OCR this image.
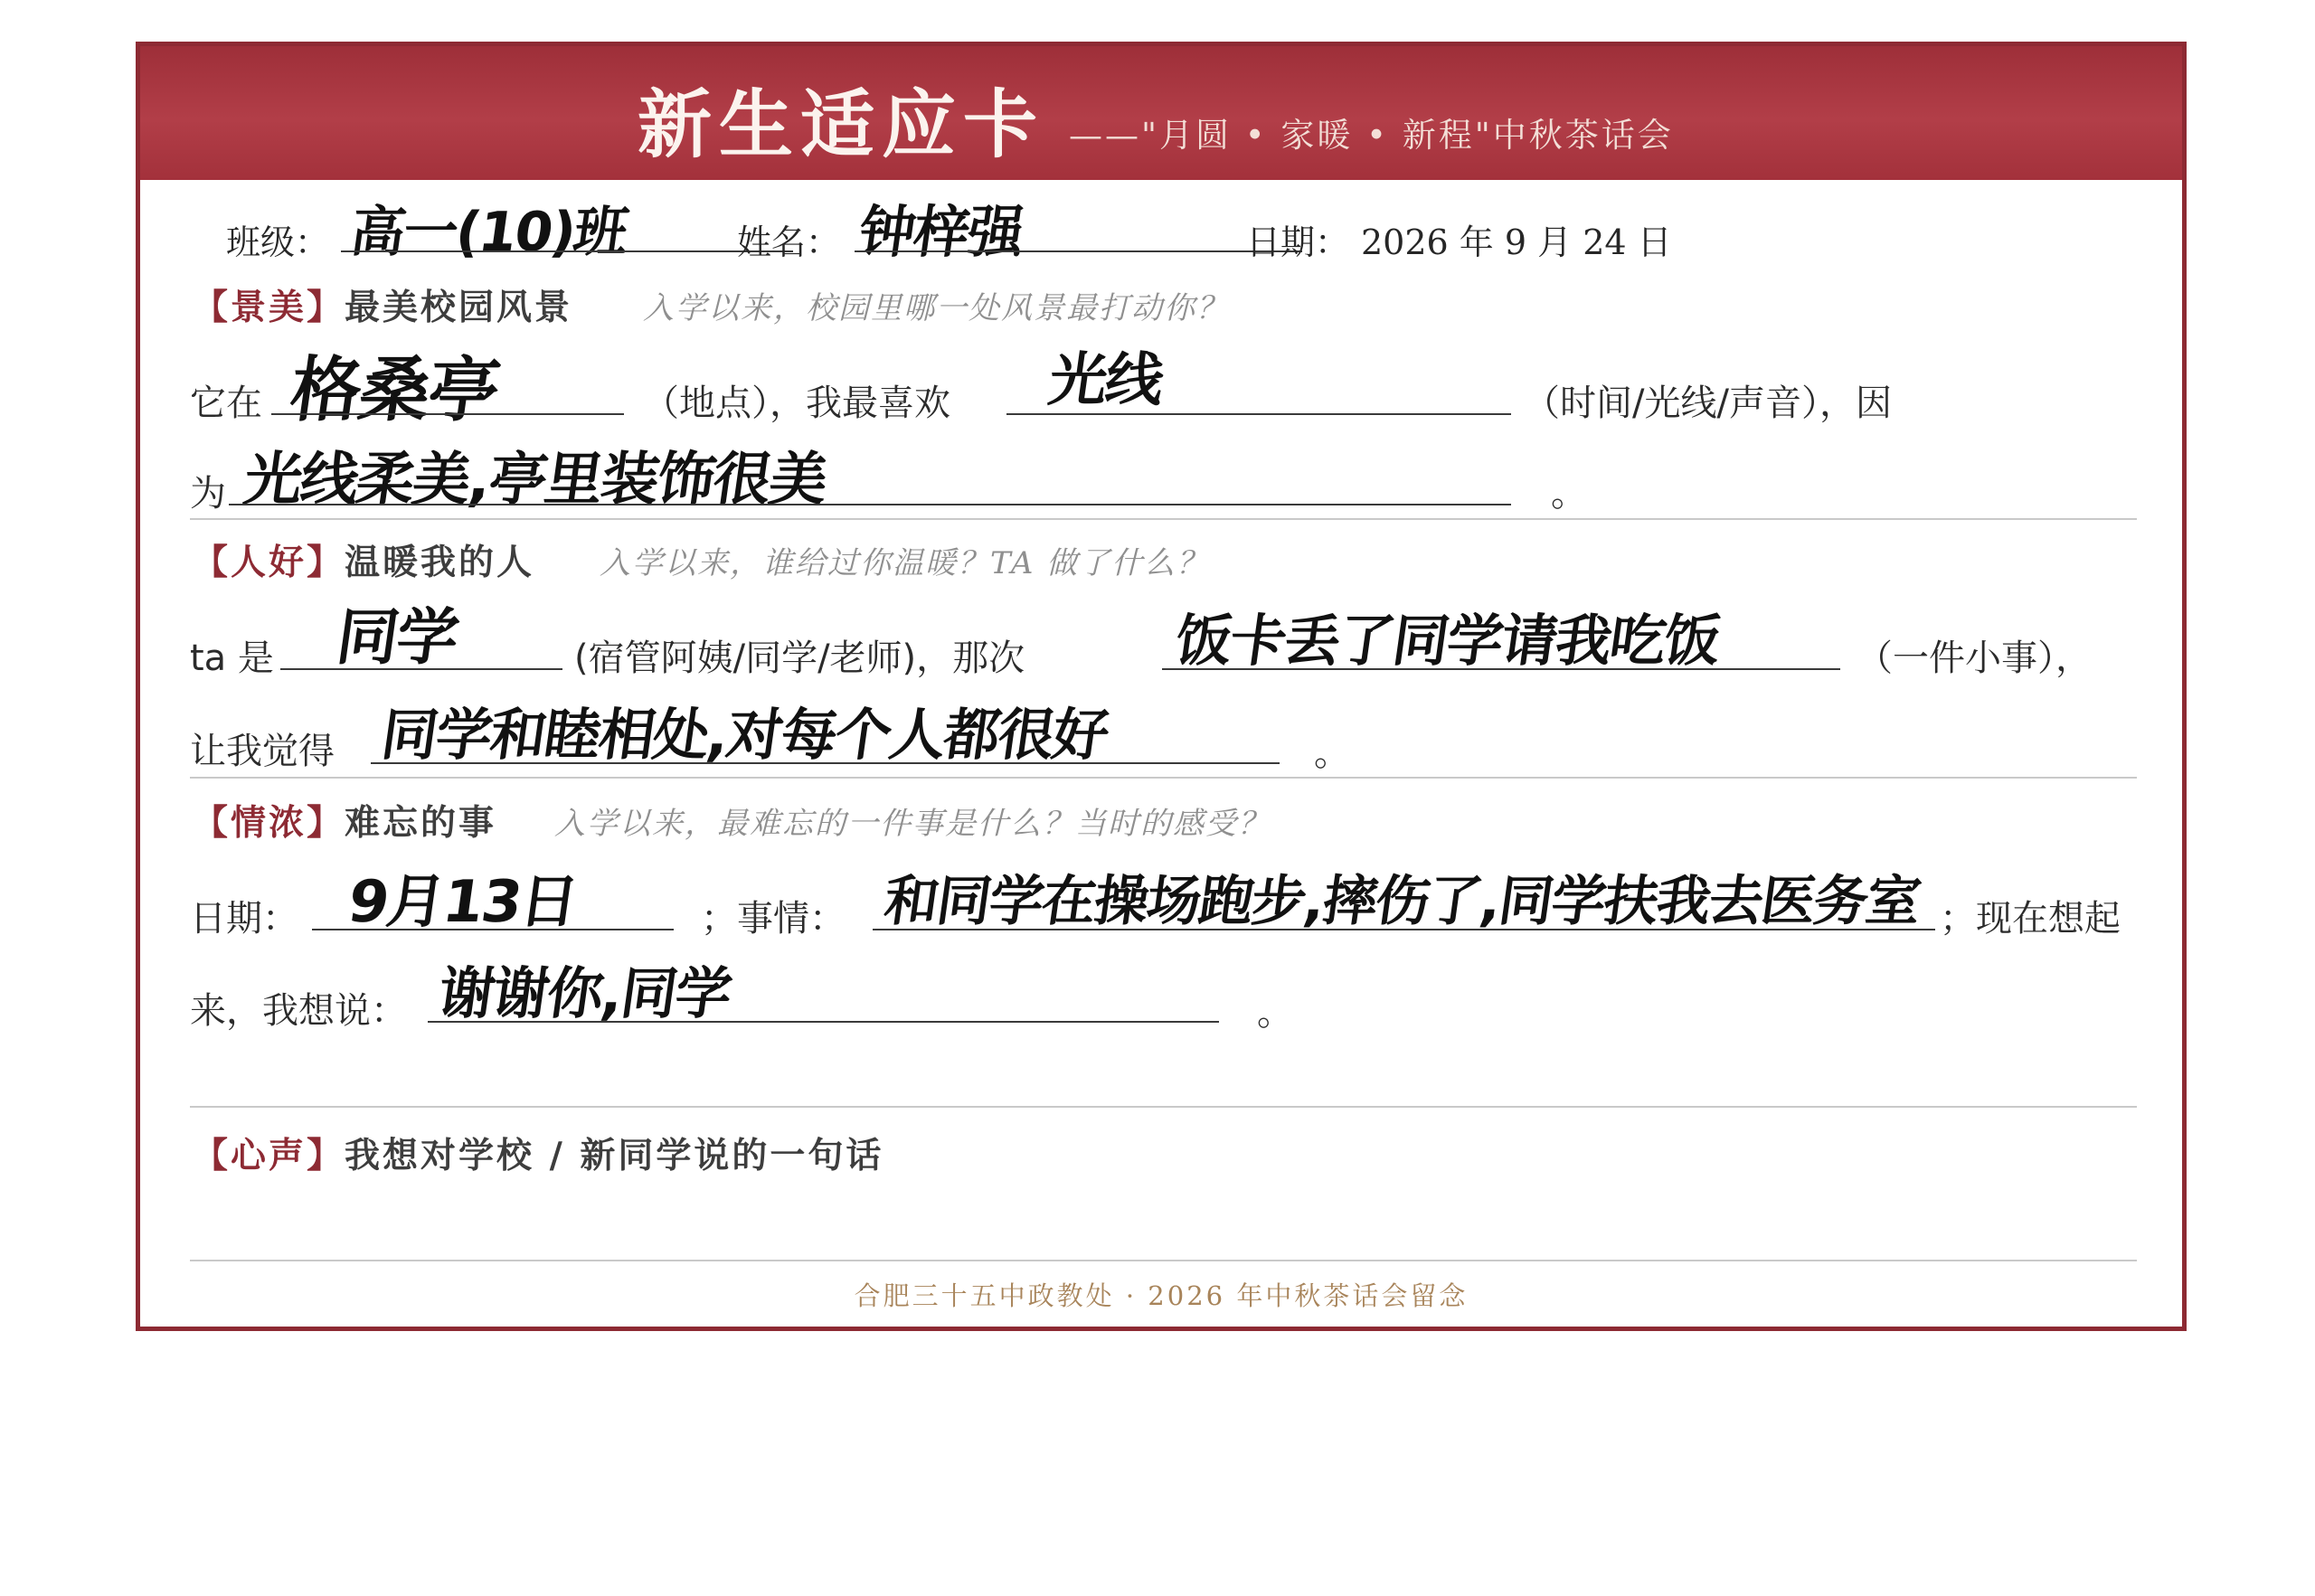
新生适应卡 ——"月圆 • 家暖 • 新程"中秋茶话会
班级： 高一(10)班	姓名： 钟梓强	日期： 2026 年 9 月 24 日
【景美】最美校园风景 入学以来，校园里哪一处风景最打动你？
它在 格桑亭	（地点），我最喜欢 光线	（时间/光线/声音），因
为 光线柔美,亭里装饰很美	。
【人好】温暖我的人 入学以来，谁给过你温暖？TA 做了什么？
ta 是 同学	(宿管阿姨/同学/老师)，那次	饭卡丢了同学请我吃饭	（一件小事），
让我觉得 同学和睦相处,对每个人都很好	。
【情浓】难忘的事 入学以来，最难忘的一件事是什么？当时的感受？
日期： 9月13日	；事情： 和同学在操场跑步,摔伤了,同学扶我去医务室 ；现在想起
来，我想说： 谢谢你,同学	。
【心声】我想对学校 / 新同学说的一句话
合肥三十五中政教处 · 2026 年中秋茶话会留念
